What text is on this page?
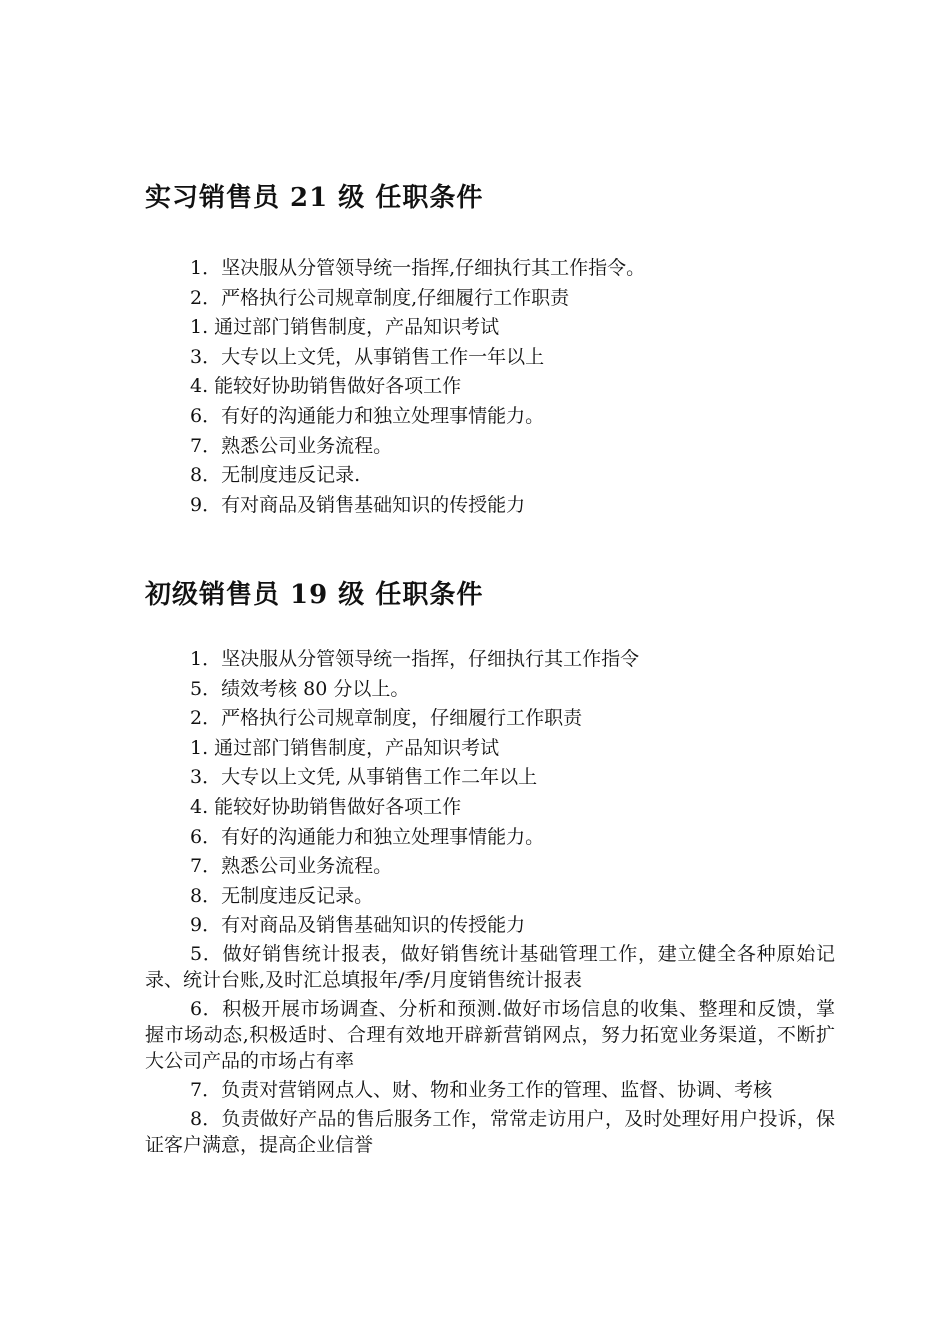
实习销售员 21 级 任职条件
1．坚决服从分管领导统一指挥,仔细执行其工作指令。
2．严格执行公司规章制度,仔细履行工作职责
1. 通过部门销售制度，产品知识考试
3．大专以上文凭，从事销售工作一年以上
4. 能较好协助销售做好各项工作
6．有好的沟通能力和独立处理事情能力。
7．熟悉公司业务流程。
8．无制度违反记录.
9．有对商品及销售基础知识的传授能力
初级销售员 19 级 任职条件
1．坚决服从分管领导统一指挥，仔细执行其工作指令
5．绩效考核 80 分以上。
2．严格执行公司规章制度，仔细履行工作职责
1. 通过部门销售制度，产品知识考试
3．大专以上文凭, 从事销售工作二年以上
4. 能较好协助销售做好各项工作
6．有好的沟通能力和独立处理事情能力。
7．熟悉公司业务流程。
8．无制度违反记录。
9．有对商品及销售基础知识的传授能力
5．做好销售统计报表，做好销售统计基础管理工作，建立健全各种原始记录、统计台账,及时汇总填报年/季/月度销售统计报表
6．积极开展市场调查、分析和预测.做好市场信息的收集、整理和反馈，掌握市场动态,积极适时、合理有效地开辟新营销网点，努力拓宽业务渠道，不断扩大公司产品的市场占有率
7．负责对营销网点人、财、物和业务工作的管理、监督、协调、考核
8．负责做好产品的售后服务工作，常常走访用户，及时处理好用户投诉，保证客户满意，提高企业信誉
